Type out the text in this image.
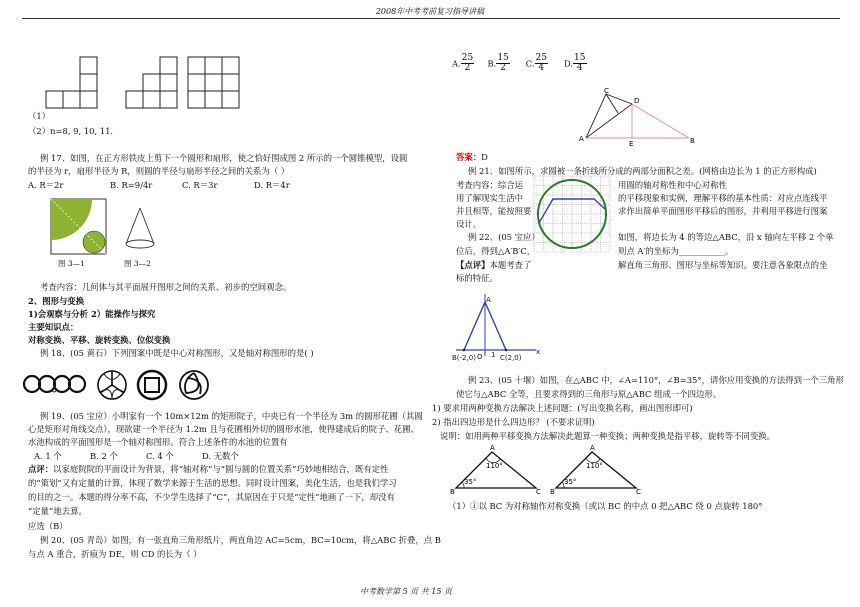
2008年中考考前复习指导讲稿
（1）
（2）n=8, 9, 10, 11.
例 17、如图，在正方形铁皮上剪下一个圆形和扇形，使之恰好围成图 2 所示的一个圆锥模型，设圆
的半径为 r，扇形半径为 R，则圆的半径与扇形半径之间的关系为（ ）
A. R＝2r	B. R=9/4r	C. R＝3r	D. R＝4r
图 3—1	图 3—2
考查内容：几何体与其平面展开图形之间的关系、初步的空间观念。
2、图形与变换
1)会观察与分析 2）能操作与探究
主要知识点：
对称变换、平移、旋转变换、位似变换
例 18、(05 黄石）下列图案中既是中心对称图形，又是轴对称图形的是( )
例 19、(05 宝应）小明家有一个 10m×12m 的矩形院子，中央已有一个半径为 3m 的圆形花圃（其圆
心是矩形对角线交点），现欲建一个半径为 1.2m 且与花圃相外切的圆形水池，使得建成后的院子、花圃、
水池构成的平面图形是一个轴对称图形。符合上述条件的水池的位置有
A. 1 个	B. 2 个	C. 4 个	D. 无数个
点评：以家庭院院的平面设计为背景，将“轴对称”与“圆与圆的位置关系”巧妙地相结合，既有定性
的“策划”又有定量的计算，体现了数学来源于生活的思想。同时设计图案，美化生活，也是我们学习
的目的之一。本题的得分率不高，不少学生选择了“C”，其原因在于只是“定性”地画了一下，却没有
“定量”地去算。
应选（B）
例 20、(05 青岛）如图，有一张直角三角形纸片，两直角边 AC=5cm，BC=10cm，将△ABC 折叠，点 B
与点 A 重合，折痕为 DE，则 CD 的长为（ ）
中考数学第 5 页 共 15 页
A. $\frac{25}{2} B$. $\frac{15}{2} C$. $\frac{25}{4} D$. $\frac{15}{4}$
C
D
A
E	B
答案：D
例 21、如图所示，求圆被一条折线所分成的两部分面积之差。(网格由边长为 1 的正方形构成)
考查内容：综合运
用了解现实生活中
并且相等，能按照要
设计。
用圆的轴对称性和中心对称性
的平移现象和实例，理解平移的基本性质：对应点连线平
求作出简单平面图形平移后的图形，并利用平移进行图案
例 22、(05 宝应）	如图，将边长为 4 的等边△ABC，沿 x 轴向左平移 2 个单
位后，得到△A′B′C，	则点 A′的坐标为___________。
【点评】本题考查了	解直角三角形、图形与坐标等知识。要注意各象限点的坐
标的特征。
A
B(-2,0) O 1 C(2,0)
x
例 23、(05 十堰）如图，在△ABC 中，∠A=110°，∠B=35°，请你应用变换的方法得到一个三角形
使它与△ABC 全等，且要求得到的三角形与原△ABC 组成一个四边形。
1) 要求用两种变换方法解决上述问题：(写出变换名称，画出图形即可)
2) 指出四边形是什么四边形？ (不要求证明)
说明：如用两种平移变换方法解决此题算一种变换；两种变换是指平移，旋转等不同变换。
A
B	C
110°
35°
A
B	C
110°
35°
（1）①以 BC 为对称轴作对称变换（或以 BC 的中点 0 把△ABC 绕 0 点旋转 180°
